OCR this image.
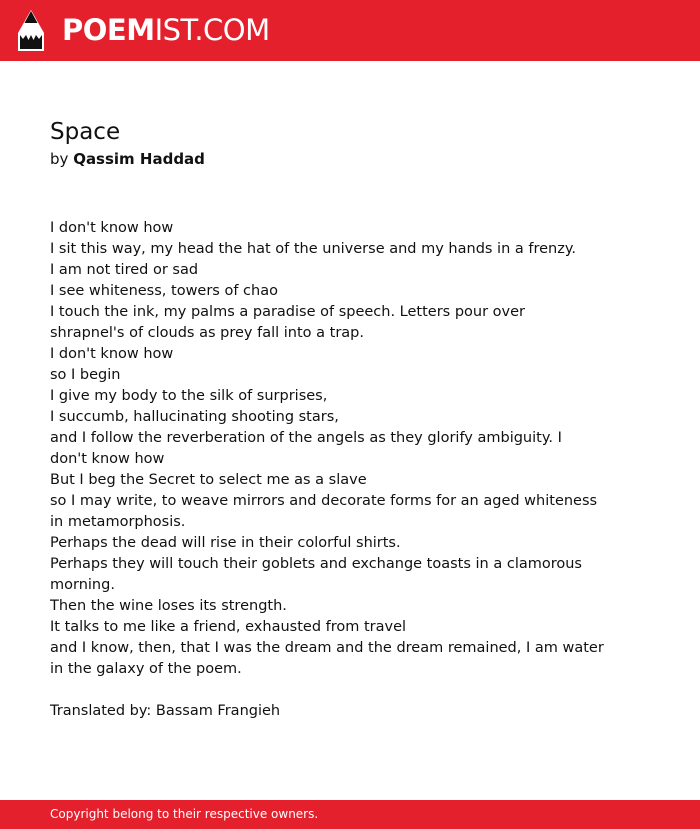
POEMIST.COM
Space

by Qassim Haddad

I don't know how
I sit this way, my head the hat of the universe and my hands in a frenzy.
I am not tired or sad
I see whiteness, towers of chao
I touch the ink, my palms a paradise of speech. Letters pour over
shrapnel's of clouds as prey fall into a trap.
I don't know how
so I begin
I give my body to the silk of surprises,
I succumb, hallucinating shooting stars,
and I follow the reverberation of the angels as they glorify ambiguity. I
don't know how
But I beg the Secret to select me as a slave
so I may write, to weave mirrors and decorate forms for an aged whiteness
in metamorphosis.
Perhaps the dead will rise in their colorful shirts.
Perhaps they will touch their goblets and exchange toasts in a clamorous
morning.
Then the wine loses its strength.
It talks to me like a friend, exhausted from travel
and I know, then, that I was the dream and the dream remained, I am water
in the galaxy of the poem.
Translated by: Bassam Frangieh
Copyright belong to their respective owners.
